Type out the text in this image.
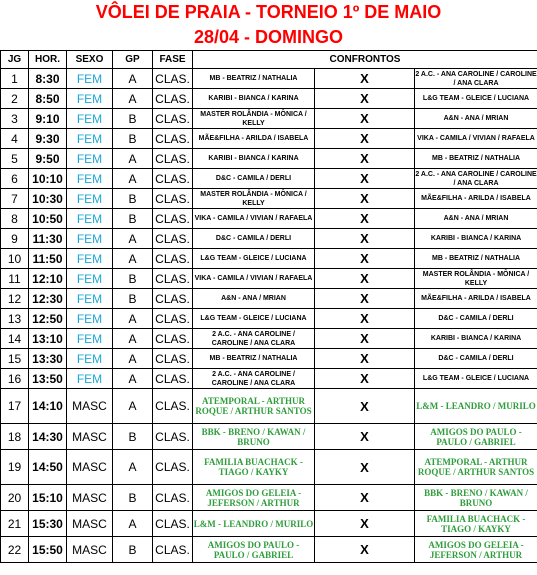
VÔLEI DE PRAIA - TORNEIO 1º DE MAIO
28/04 - DOMINGO
JG	HOR.	SEXO	GP	FASE	CONFRONTOS		
1	8:30	FEM	A	CLAS.	MB - BEATRIZ / NATHALIA	X	2 A.C. - ANA CAROLINE / CAROLINE / ANA CLARA
2	8:50	FEM	A	CLAS.	KARIBI - BIANCA / KARINA	X	L&G TEAM - GLEICE / LUCIANA
3	9:10	FEM	B	CLAS.	MASTER ROLÂNDIA - MÔNICA / KELLY	X	A&N - ANA / MRIAN
4	9:30	FEM	B	CLAS.	MÃE&FILHA - ARILDA / ISABELA	X	VIKA - CAMILA / VIVIAN / RAFAELA
5	9:50	FEM	A	CLAS.	KARIBI - BIANCA / KARINA	X	MB - BEATRIZ / NATHALIA
6	10:10	FEM	A	CLAS.	D&C - CAMILA / DERLI	X	2 A.C. - ANA CAROLINE / CAROLINE / ANA CLARA
7	10:30	FEM	B	CLAS.	MASTER ROLÂNDIA - MÔNICA / KELLY	X	MÃE&FILHA - ARILDA / ISABELA
8	10:50	FEM	B	CLAS.	VIKA - CAMILA / VIVIAN / RAFAELA	X	A&N - ANA / MRIAN
9	11:30	FEM	A	CLAS.	D&C - CAMILA / DERLI	X	KARIBI - BIANCA / KARINA
10	11:50	FEM	A	CLAS.	L&G TEAM - GLEICE / LUCIANA	X	MB - BEATRIZ / NATHALIA
11	12:10	FEM	B	CLAS.	VIKA - CAMILA / VIVIAN / RAFAELA	X	MASTER ROLÂNDIA - MÔNICA / KELLY
12	12:30	FEM	B	CLAS.	A&N - ANA / MRIAN	X	MÃE&FILHA - ARILDA / ISABELA
13	12:50	FEM	A	CLAS.	L&G TEAM - GLEICE / LUCIANA	X	D&C - CAMILA / DERLI
14	13:10	FEM	A	CLAS.	2 A.C. - ANA CAROLINE / CAROLINE / ANA CLARA	X	KARIBI - BIANCA / KARINA
15	13:30	FEM	A	CLAS.	MB - BEATRIZ / NATHALIA	X	D&C - CAMILA / DERLI
16	13:50	FEM	A	CLAS.	2 A.C. - ANA CAROLINE / CAROLINE / ANA CLARA	X	L&G TEAM - GLEICE / LUCIANA
17	14:10	MASC	A	CLAS.	ATEMPORAL - ARTHUR ROQUE / ARTHUR SANTOS	X	L&M - LEANDRO / MURILO
18	14:30	MASC	B	CLAS.	BBK - BRENO / KAWAN / BRUNO	X	AMIGOS DO PAULO - PAULO / GABRIEL
19	14:50	MASC	A	CLAS.	FAMILIA BUACHACK - TIAGO / KAYKY	X	ATEMPORAL - ARTHUR ROQUE / ARTHUR SANTOS
20	15:10	MASC	B	CLAS.	AMIGOS DO GELEIA - JEFERSON / ARTHUR	X	BBK - BRENO / KAWAN / BRUNO
21	15:30	MASC	A	CLAS.	L&M - LEANDRO / MURILO	X	FAMILIA BUACHACK - TIAGO / KAYKY
22	15:50	MASC	B	CLAS.	AMIGOS DO PAULO - PAULO / GABRIEL	X	AMIGOS DO GELEIA - JEFERSON / ARTHUR
